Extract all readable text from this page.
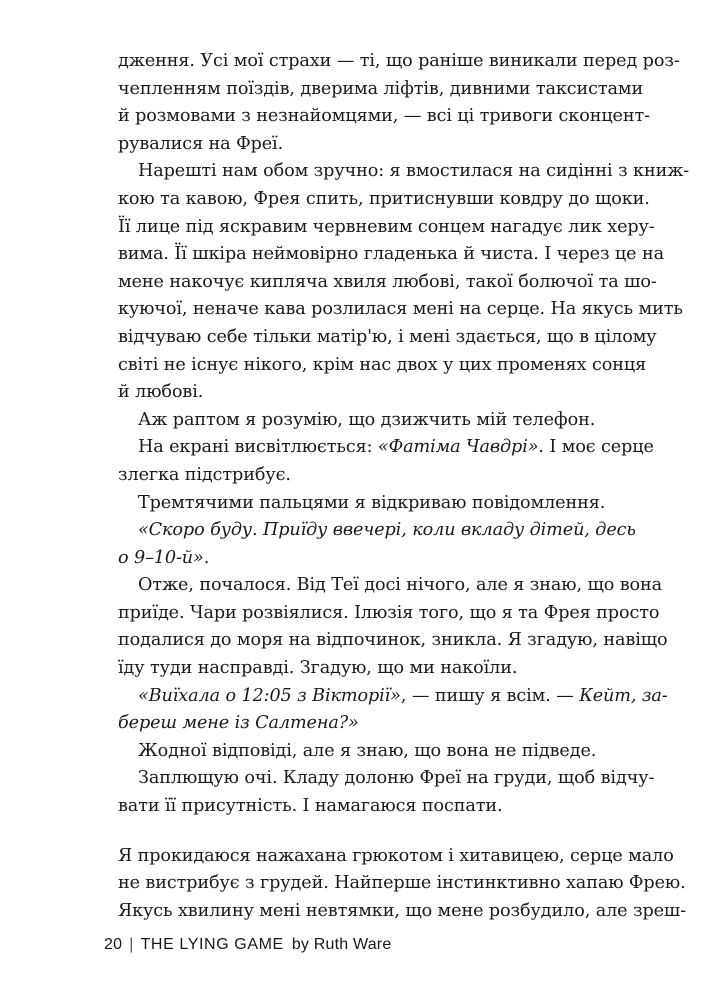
дження. Усі мої страхи — ті, що раніше виникали перед роз-
чепленням поїздів, дверима ліфтів, дивними таксистами
й розмовами з незнайомцями, — всі ці тривоги сконцент-
рувалися на Фреї.
Нарешті нам обом зручно: я вмостилася на сидінні з книж-
кою та кавою, Фрея спить, притиснувши ковдру до щоки.
Її лице під яскравим червневим сонцем нагадує лик херу-
вима. Її шкіра неймовірно гладенька й чиста. І через це на
мене накочує кипляча хвиля любові, такої болючої та шо-
куючої, неначе кава розлилася мені на серце. На якусь мить
відчуваю себе тільки матір'ю, і мені здається, що в цілому
світі не існує нікого, крім нас двох у цих променях сонця
й любові.
Аж раптом я розумію, що дзижчить мій телефон.
На екрані висвітлюється: «Фатіма Чавдрі». І моє серце
злегка підстрибує.
Тремтячими пальцями я відкриваю повідомлення.
«Скоро буду. Приїду ввечері, коли вкладу дітей, десь
о 9–10-й».
Отже, почалося. Від Теї досі нічого, але я знаю, що вона
приїде. Чари розвіялися. Ілюзія того, що я та Фрея просто
подалися до моря на відпочинок, зникла. Я згадую, навіщо
їду туди насправді. Згадую, що ми накоїли.
«Виїхала о 12:05 з Вікторії», — пишу я всім. — Кейт, за-
береш мене із Салтена?»
Жодної відповіді, але я знаю, що вона не підведе.
Заплющую очі. Кладу долоню Фреї на груди, щоб відчу-
вати її присутність. І намагаюся поспати.
Я прокидаюся нажахана грюкотом і хитавицею, серце мало
не вистрибує з грудей. Найперше інстинктивно хапаю Фрею.
Якусь хвилину мені невтямки, що мене розбудило, але зреш-
20 | THE LYING GAME by Ruth Ware
